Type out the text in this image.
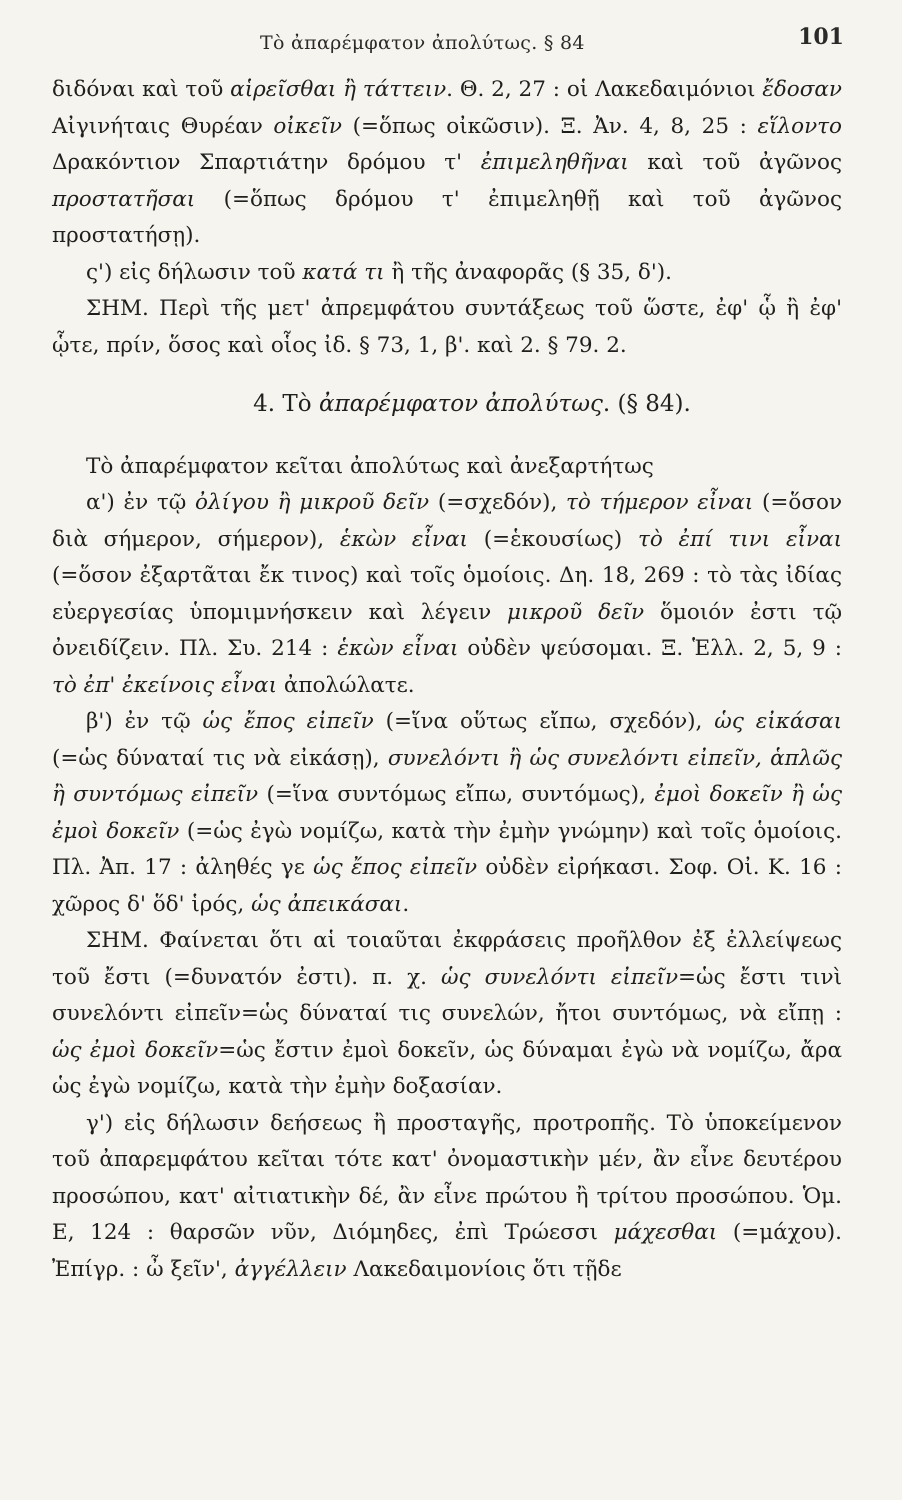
Τὸ ἀπαρέμφατον ἀπολύτως. § 84	101

διδόναι καὶ τοῦ αἱρεῖσθαι ἢ τάττειν. Θ. 2, 27 : οἱ Λακεδαιμόνιοι ἔδοσαν Αἰγινήταις Θυρέαν οἰκεῖν (=ὅπως οἰκῶσιν). Ξ. Ἀν. 4, 8, 25 : εἵλοντο Δρακόντιον Σπαρτιάτην δρόμου τ' ἐπιμεληθῆναι καὶ τοῦ ἀγῶνος προστατῆσαι (=ὅπως δρόμου τ' ἐπιμεληθῇ καὶ τοῦ ἀγῶνος προστατήσῃ).

ς') εἰς δήλωσιν τοῦ κατά τι ἢ τῆς ἀναφορᾶς (§ 35, δ').

ΣΗΜ. Περὶ τῆς μετ' ἀπρεμφάτου συντάξεως τοῦ ὥστε, ἐφ' ᾧ ἢ ἐφ' ᾧτε, πρίν, ὅσος καὶ οἷος ἰδ. § 73, 1, β'. καὶ 2. § 79. 2.

4. Τὸ ἀπαρέμφατον ἀπολύτως. (§ 84).

Τὸ ἀπαρέμφατον κεῖται ἀπολύτως καὶ ἀνεξαρτήτως

α') ἐν τῷ ὀλίγου ἢ μικροῦ δεῖν (=σχεδόν), τὸ τήμερον εἶναι (=ὅσον διὰ σήμερον, σήμερον), ἑκὼν εἶναι (=ἑκουσίως) τὸ ἐπί τινι εἶναι (=ὅσον ἐξαρτᾶται ἔκ τινος) καὶ τοῖς ὁμοίοις. Δη. 18, 269 : τὸ τὰς ἰδίας εὐεργεσίας ὑπομιμνήσκειν καὶ λέγειν μικροῦ δεῖν ὅμοιόν ἐστι τῷ ὀνειδίζειν. Πλ. Συ. 214 : ἑκὼν εἶναι οὐδὲν ψεύσομαι. Ξ. Ἑλλ. 2, 5, 9 : τὸ ἐπ' ἐκείνοις εἶναι ἀπολώλατε.

β') ἐν τῷ ὡς ἔπος εἰπεῖν (=ἵνα οὕτως εἴπω, σχεδόν), ὡς εἰκάσαι (=ὡς δύναταί τις νὰ εἰκάσῃ), συνελόντι ἢ ὡς συνελόντι εἰπεῖν, ἁπλῶς ἢ συντόμως εἰπεῖν (=ἵνα συντόμως εἴπω, συντόμως), ἐμοὶ δοκεῖν ἢ ὡς ἐμοὶ δοκεῖν (=ὡς ἐγὼ νομίζω, κατὰ τὴν ἐμὴν γνώμην) καὶ τοῖς ὁμοίοις. Πλ. Ἀπ. 17 : ἀληθές γε ὡς ἔπος εἰπεῖν οὐδὲν εἰρήκασι. Σοφ. Οἰ. Κ. 16 : χῶρος δ' ὅδ' ἱρός, ὡς ἀπεικάσαι.

ΣΗΜ. Φαίνεται ὅτι αἱ τοιαῦται ἐκφράσεις προῆλθον ἐξ ἐλλείψεως τοῦ ἔστι (=δυνατόν ἐστι). π. χ. ὡς συνελόντι εἰπεῖν=ὡς ἔστι τινὶ συνελόντι εἰπεῖν=ὡς δύναταί τις συνελών, ἤτοι συντόμως, νὰ εἴπῃ : ὡς ἐμοὶ δοκεῖν=ὡς ἔστιν ἐμοὶ δοκεῖν, ὡς δύναμαι ἐγὼ νὰ νομίζω, ἄρα ὡς ἐγὼ νομίζω, κατὰ τὴν ἐμὴν δοξασίαν.

γ') εἰς δήλωσιν δεήσεως ἢ προσταγῆς, προτροπῆς. Τὸ ὑποκείμενον τοῦ ἀπαρεμφάτου κεῖται τότε κατ' ὀνομαστικὴν μέν, ἂν εἶνε δευτέρου προσώπου, κατ' αἰτιατικὴν δέ, ἂν εἶνε πρώτου ἢ τρίτου προσώπου. Ὁμ. Ε, 124 : θαρσῶν νῦν, Διόμηδες, ἐπὶ Τρώεσσι μάχεσθαι (=μάχου). Ἐπίγρ. : ὦ ξεῖν', ἀγγέλλειν Λακεδαιμονίοις ὅτι τῇδε
